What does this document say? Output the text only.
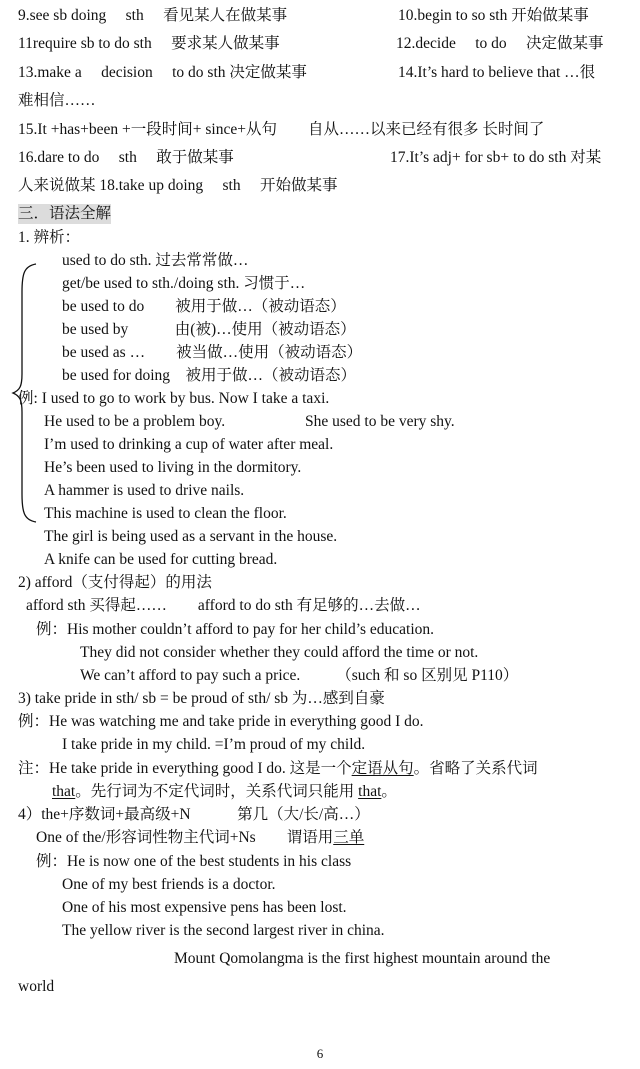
9.see sb doing　 sth　 看见某人在做某事	10.begin to so sth 开始做某事
11require sb to do sth　 要求某人做某事	12.decide　 to do　 决定做某事
13.make a　 decision　 to do sth 决定做某事	14.It’s hard to believe that …很
难相信……
15.It +has+been +一段时间+ since+从句　　自从……以来已经有很多 长时间了
16.dare to do　 sth　 敢于做某事	17.It’s adj+ for sb+ to do sth 对某
人来说做某 18.take up doing　 sth　 开始做某事
三．语法全解
1. 辨析：
used to do sth. 过去常常做…
get/be used to sth./doing sth. 习惯于…
be used to do　　被用于做…（被动语态）
be used by　　　由(被)…使用（被动语态）
be used as …　　被当做…使用（被动语态）
be used for doing　被用于做…（被动语态）
例: I used to go to work by bus. Now I take a taxi.
He used to be a problem boy.	She used to be very shy.
I’m used to drinking a cup of water after meal.
He’s been used to living in the dormitory.
A hammer is used to drive nails.
This machine is used to clean the floor.
The girl is being used as a servant in the house.
A knife can be used for cutting bread.
2) afford（支付得起）的用法
afford sth 买得起……　　afford to do sth 有足够的…去做…
例：His mother couldn’t afford to pay for her child’s education.
They did not consider whether they could afford the time or not.
We can’t afford to pay such a price. （such 和 so 区别见 P110）
3) take pride in sth/ sb = be proud of sth/ sb 为…感到自豪
例：He was watching me and take pride in everything good I do.
I take pride in my child. =I’m proud of my child.
注：He take pride in everything good I do. 这是一个定语从句。省略了关系代词
that。先行词为不定代词时，关系代词只能用 that。
4）the+序数词+最高级+N　　　第几（大/长/高…）
One of the/形容词性物主代词+Ns　　谓语用三单
例：He is now one of the best students in his class
One of my best friends is a doctor.
One of his most expensive pens has been lost.
The yellow river is the second largest river in china.
Mount Qomolangma is the first highest mountain around the
world
6
